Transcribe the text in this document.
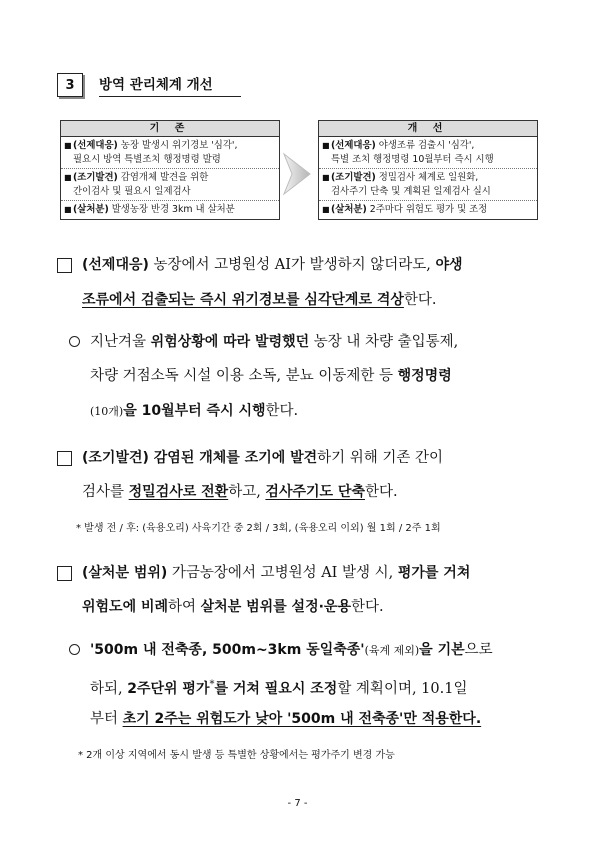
3	방역 관리체계 개선
기 존
■ (선제대응) 농장 발생시 위기경보 '심각',
필요시 방역 특별조치 행정명령 발령
■ (조기발견) 감염개체 발견을 위한
간이검사 및 필요시 일제검사
■ (살처분) 발생농장 반경 3km 내 살처분
개 선
■ (선제대응) 야생조류 검출시 '심각',
특별 조치 행정명령 10월부터 즉시 시행
■ (조기발견) 정밀검사 체계로 일원화,
검사주기 단축 및 계획된 일제검사 실시
■ (살처분) 2주마다 위험도 평가 및 조정
(선제대응) 농장에서 고병원성 AI가 발생하지 않더라도, 야생
조류에서 검출되는 즉시 위기경보를 심각단계로 격상한다.
지난겨울 위험상황에 따라 발령했던 농장 내 차량 출입통제,
차량 거점소독 시설 이용 소독, 분뇨 이동제한 등 행정명령
(10개)을 10월부터 즉시 시행한다.
(조기발견) 감염된 개체를 조기에 발견하기 위해 기존 간이
검사를 정밀검사로 전환하고, 검사주기도 단축한다.
* 발생 전 / 후: (육용오리) 사육기간 중 2회 / 3회, (육용오리 이외) 월 1회 / 2주 1회
(살처분 범위) 가금농장에서 고병원성 AI 발생 시, 평가를 거쳐
위험도에 비례하여 살처분 범위를 설정·운용한다.
'500m 내 전축종, 500m~3km 동일축종'(육계 제외)을 기본으로
하되, 2주단위 평가*를 거쳐 필요시 조정할 계획이며, 10.1일
부터 초기 2주는 위험도가 낮아 '500m 내 전축종'만 적용한다.
* 2개 이상 지역에서 동시 발생 등 특별한 상황에서는 평가주기 변경 가능
- 7 -
